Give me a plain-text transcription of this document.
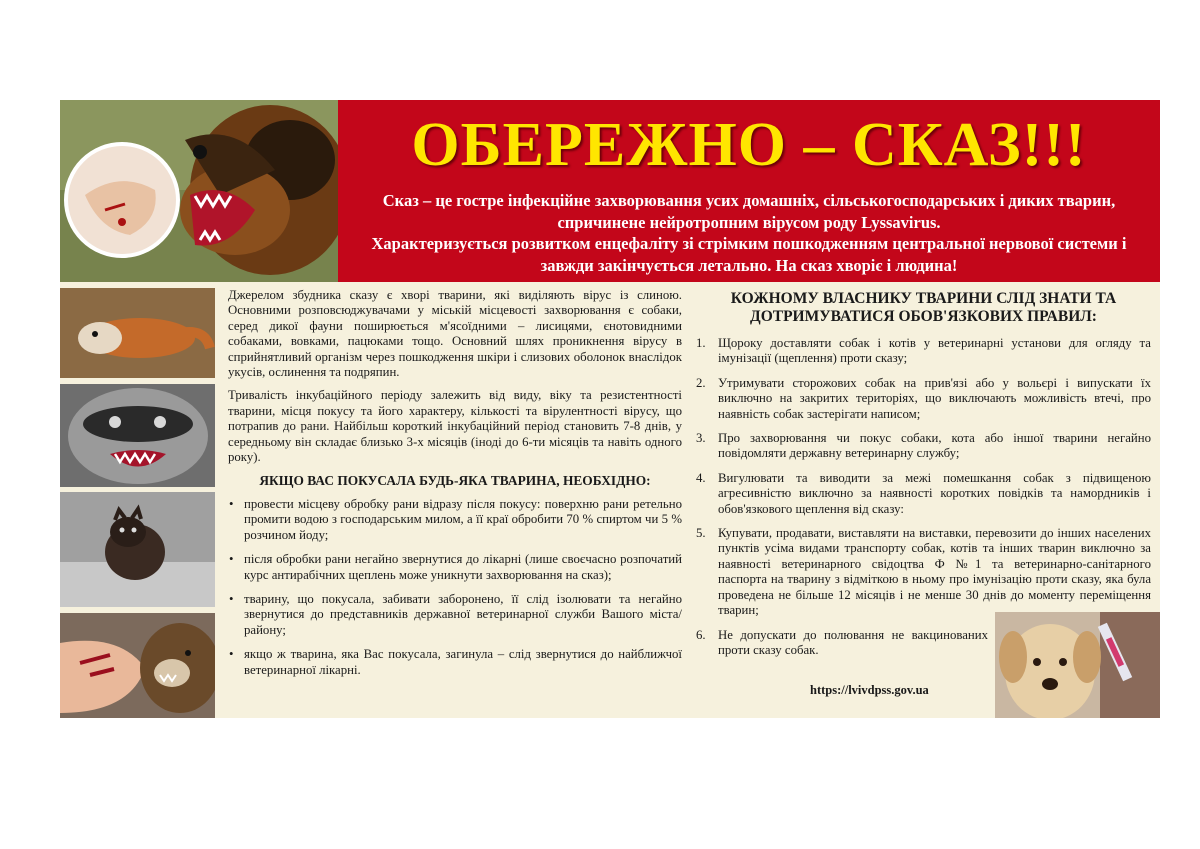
ОБЕРЕЖНО – СКАЗ!!!
Сказ – це гостре інфекційне захворювання усих домашніх, сільськогосподарських і диких тварин, спричинене нейротропним вірусом роду Lyssavirus.
Характеризується розвитком енцефаліту зі стрімким пошкодженням центральної нервової системи і завжди закінчується летально. На сказ хворіє і людина!

Джерелом збудника сказу є хворі тварини, які виділяють вірус із слиною. Основними розповсюджувачами у міській місцевості захворювання є собаки, серед дикої фауни поширюється м'ясоїдними – лисицями, єнотовидними собаками, вовками, пацюками тощо. Основний шлях проникнення вірусу в сприйнятливий організм через пошкодження шкіри і слизових оболонок внаслідок укусів, ослинення та подряпин.

Тривалість інкубаційного періоду залежить від виду, віку та резистентності тварини, місця покусу та його характеру, кількості та вірулентності вірусу, що потрапив до рани. Найбільш короткий інкубаційний період становить 7-8 днів, у середньому він складає близько 3-х місяців (іноді до 6-ти місяців та навіть одного року).

ЯКЩО ВАС ПОКУСАЛА БУДЬ-ЯКА ТВАРИНА, НЕОБХІДНО:
• провести місцеву обробку рани відразу після покусу: поверхню рани ретельно промити водою з господарським милом, а її краї обробити 70 % спиртом чи 5 % розчином йоду;
• після обробки рани негайно звернутися до лікарні (лише своєчасно розпочатий курс антирабічних щеплень може уникнути захворювання на сказ);
• тварину, що покусала, забивати заборонено, її слід ізолювати та негайно звернутися до представників державної ветеринарної служби Вашого міста/району;
• якщо ж тварина, яка Вас покусала, загинула – слід звернутися до найближчої ветеринарної лікарні.
КОЖНОМУ ВЛАСНИКУ ТВАРИНИ СЛІД ЗНАТИ ТА ДОТРИМУВАТИСЯ ОБОВ'ЯЗКОВИХ ПРАВИЛ:
1. Щороку доставляти собак і котів у ветеринарні установи для огляду та імунізації (щеплення) проти сказу;
2. Утримувати сторожових собак на прив'язі або у вольєрі і випускати їх виключно на закритих територіях, що виключають можливість втечі, про наявність собак застерігати написом;
3. Про захворювання чи покус собаки, кота або іншої тварини негайно повідомляти державну ветеринарну службу;
4. Вигулювати та виводити за межі помешкання собак з підвищеною агресивністю виключно за наявності коротких повідків та намордників і обов'язкового щеплення від сказу:
5. Купувати, продавати, виставляти на виставки, перевозити до інших населених пунктів усіма видами транспорту собак, котів та інших тварин виключно за наявності ветеринарного свідоцтва Ф №1 та ветеринарно-санітарного паспорта на тварину з відміткою в ньому про імунізацію проти сказу, яка була проведена не більше 12 місяців і не менше 30 днів до моменту переміщення тварин;
6. Не допускати до полювання не вакцинованих проти сказу собак.
https://lvivdpss.gov.ua
